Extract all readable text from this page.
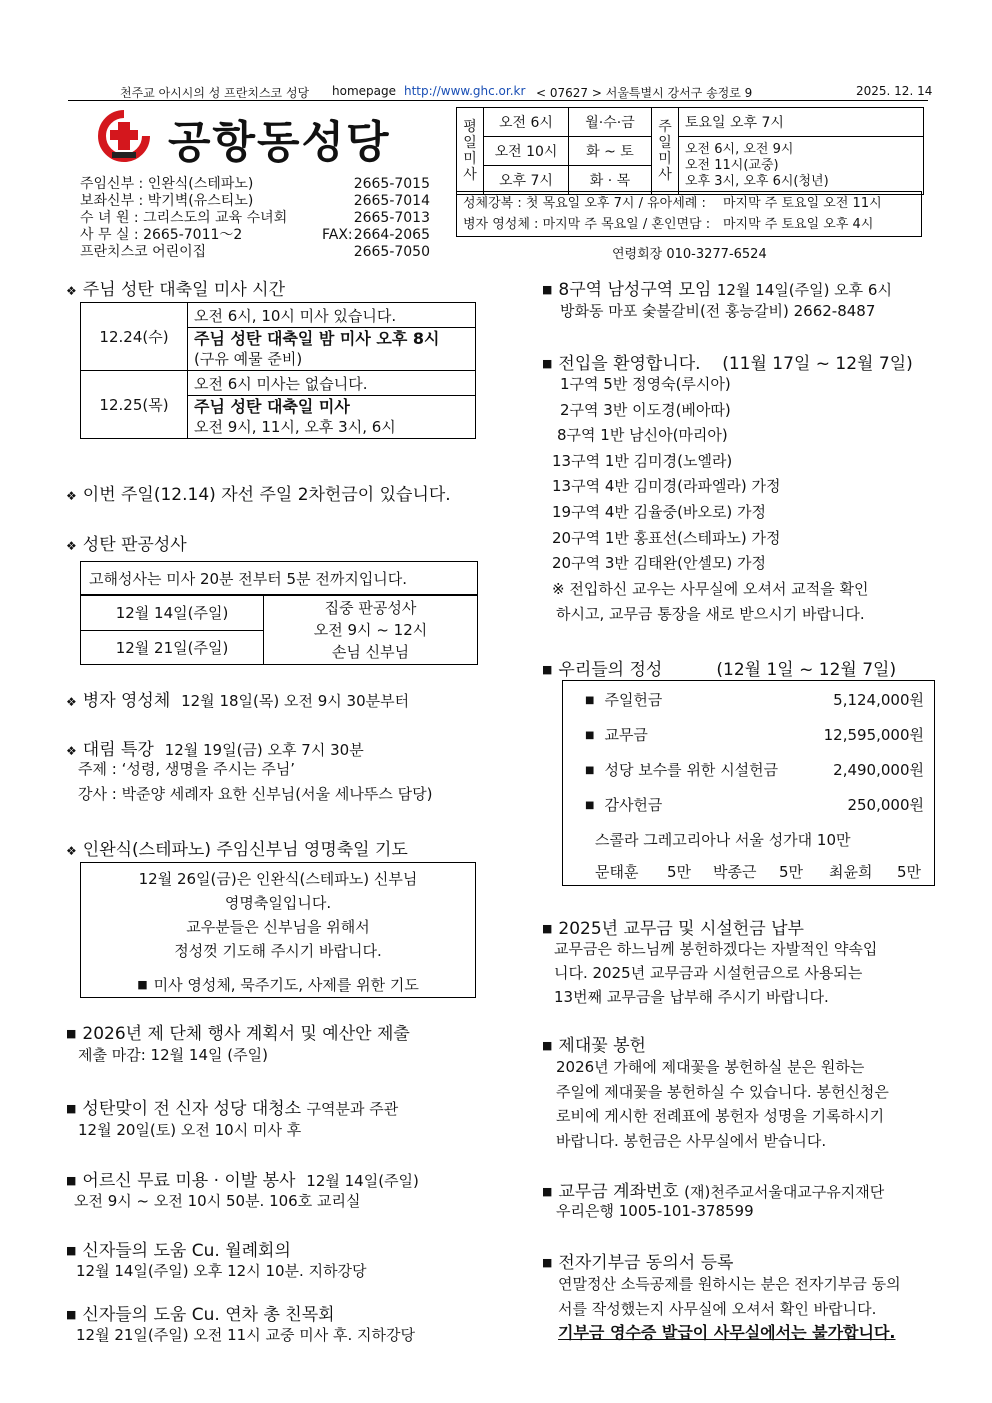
천주교 아시시의 성 프란치스코 성당 homepage http://www.ghc.or.kr < 07627 > 서울특별시 강서구 송정로 9	2025. 12. 14
공항동성당
주임신부 : 인완식(스테파노)	2665-7015
보좌신부 : 박기벽(유스티노)	2665-7014
수 녀 원 : 그리스도의 교육 수녀회	2665-7013
사 무 실 : 2665-7011～2	FAX: 2664-2065
프란치스코 어린이집	2665-7050
평일미사	오전 6시	월·수·금	주일미사	토요일 오후 7시
	오전 10시	화 ~ 토		오전 6시, 오전 9시
오전 11시(교중)
오후 3시, 오후 6시(청년)

	오후 7시	화 · 목		
성체강복 : 첫 목요일 오후 7시 / 유아세례 : 마지막 주 토요일 오전 11시
병자 영성체 : 마지막 주 목요일 / 혼인면담 : 마지막 주 토요일 오후 4시
연령회장 010-3277-6524
❖ 주님 성탄 대축일 미사 시간
12.24(수)	오전 6시, 10시 미사 있습니다.

	주님 성탄 대축일 밤 미사 오후 8시
(구유 예물 준비)

12.25(목)	오전 6시 미사는 없습니다.

	주님 성탄 대축일 미사
오전 9시, 11시, 오후 3시, 6시
❖ 이번 주일(12.14) 자선 주일 2차헌금이 있습니다.
❖ 성탄 판공성사
고해성사는 미사 20분 전부터 5분 전까지입니다.
12월 14일(주일)	집중 판공성사
오전 9시 ~ 12시
손님 신부님

12월 21일(주일)
❖ 병자 영성체 12월 18일(목) 오전 9시 30분부터
❖ 대림 특강 12월 19일(금) 오후 7시 30분
주제 : ‘성령, 생명을 주시는 주님’
강사 : 박준양 세례자 요한 신부님(서울 세나뚜스 담당)
❖ 인완식(스테파노) 주임신부님 영명축일 기도
12월 26일(금)은 인완식(스테파노) 신부님
영명축일입니다.
교우분들은 신부님을 위해서
정성껏 기도해 주시기 바랍니다.
■ 미사 영성체, 묵주기도, 사제를 위한 기도
■ 2026년 제 단체 행사 계획서 및 예산안 제출
제출 마감: 12월 14일 (주일)
■ 성탄맞이 전 신자 성당 대청소 구역분과 주관
12월 20일(토) 오전 10시 미사 후
■ 어르신 무료 미용 · 이발 봉사 12월 14일(주일)
오전 9시 ~ 오전 10시 50분. 106호 교리실
■ 신자들의 도움 Cu. 월례회의
12월 14일(주일) 오후 12시 10분. 지하강당
■ 신자들의 도움 Cu. 연차 총 친목회
12월 21일(주일) 오전 11시 교중 미사 후. 지하강당
■ 8구역 남성구역 모임 12월 14일(주일) 오후 6시
방화동 마포 숯불갈비(전 홍능갈비) 2662-8487
■ 전입을 환영합니다. (11월 17일 ~ 12월 7일)
1구역 5반 정영숙(루시아)
2구역 3반 이도경(베아따)
8구역 1반 남신아(마리아)
13구역 1반 김미경(노엘라)
13구역 4반 김미경(라파엘라) 가정
19구역 4반 김율중(바오로) 가정
20구역 1반 홍표선(스테파노) 가정
20구역 3반 김태완(안셀모) 가정
※ 전입하신 교우는 사무실에 오셔서 교적을 확인
하시고, 교무금 통장을 새로 받으시기 바랍니다.
■ 우리들의 정성	(12월 1일 ~ 12월 7일)
■ 주일헌금	5,124,000원
■ 교무금	12,595,000원
■ 성당 보수를 위한 시설헌금	2,490,000원
■ 감사헌금	250,000원
스콜라 그레고리아나 서울 성가대 10만
문태훈 5만 박종근 5만 최윤희 5만
■ 2025년 교무금 및 시설헌금 납부
교무금은 하느님께 봉헌하겠다는 자발적인 약속입
니다. 2025년 교무금과 시설헌금으로 사용되는
13번째 교무금을 납부해 주시기 바랍니다.
■ 제대꽃 봉헌
2026년 가해에 제대꽃을 봉헌하실 분은 원하는
주일에 제대꽃을 봉헌하실 수 있습니다. 봉헌신청은
로비에 게시한 전례표에 봉헌자 성명을 기록하시기
바랍니다. 봉헌금은 사무실에서 받습니다.
■ 교무금 계좌번호 (재)천주교서울대교구유지재단
우리은행 1005-101-378599
■ 전자기부금 동의서 등록
연말정산 소득공제를 원하시는 분은 전자기부금 동의
서를 작성했는지 사무실에 오셔서 확인 바랍니다.
기부금 영수증 발급이 사무실에서는 불가합니다.
